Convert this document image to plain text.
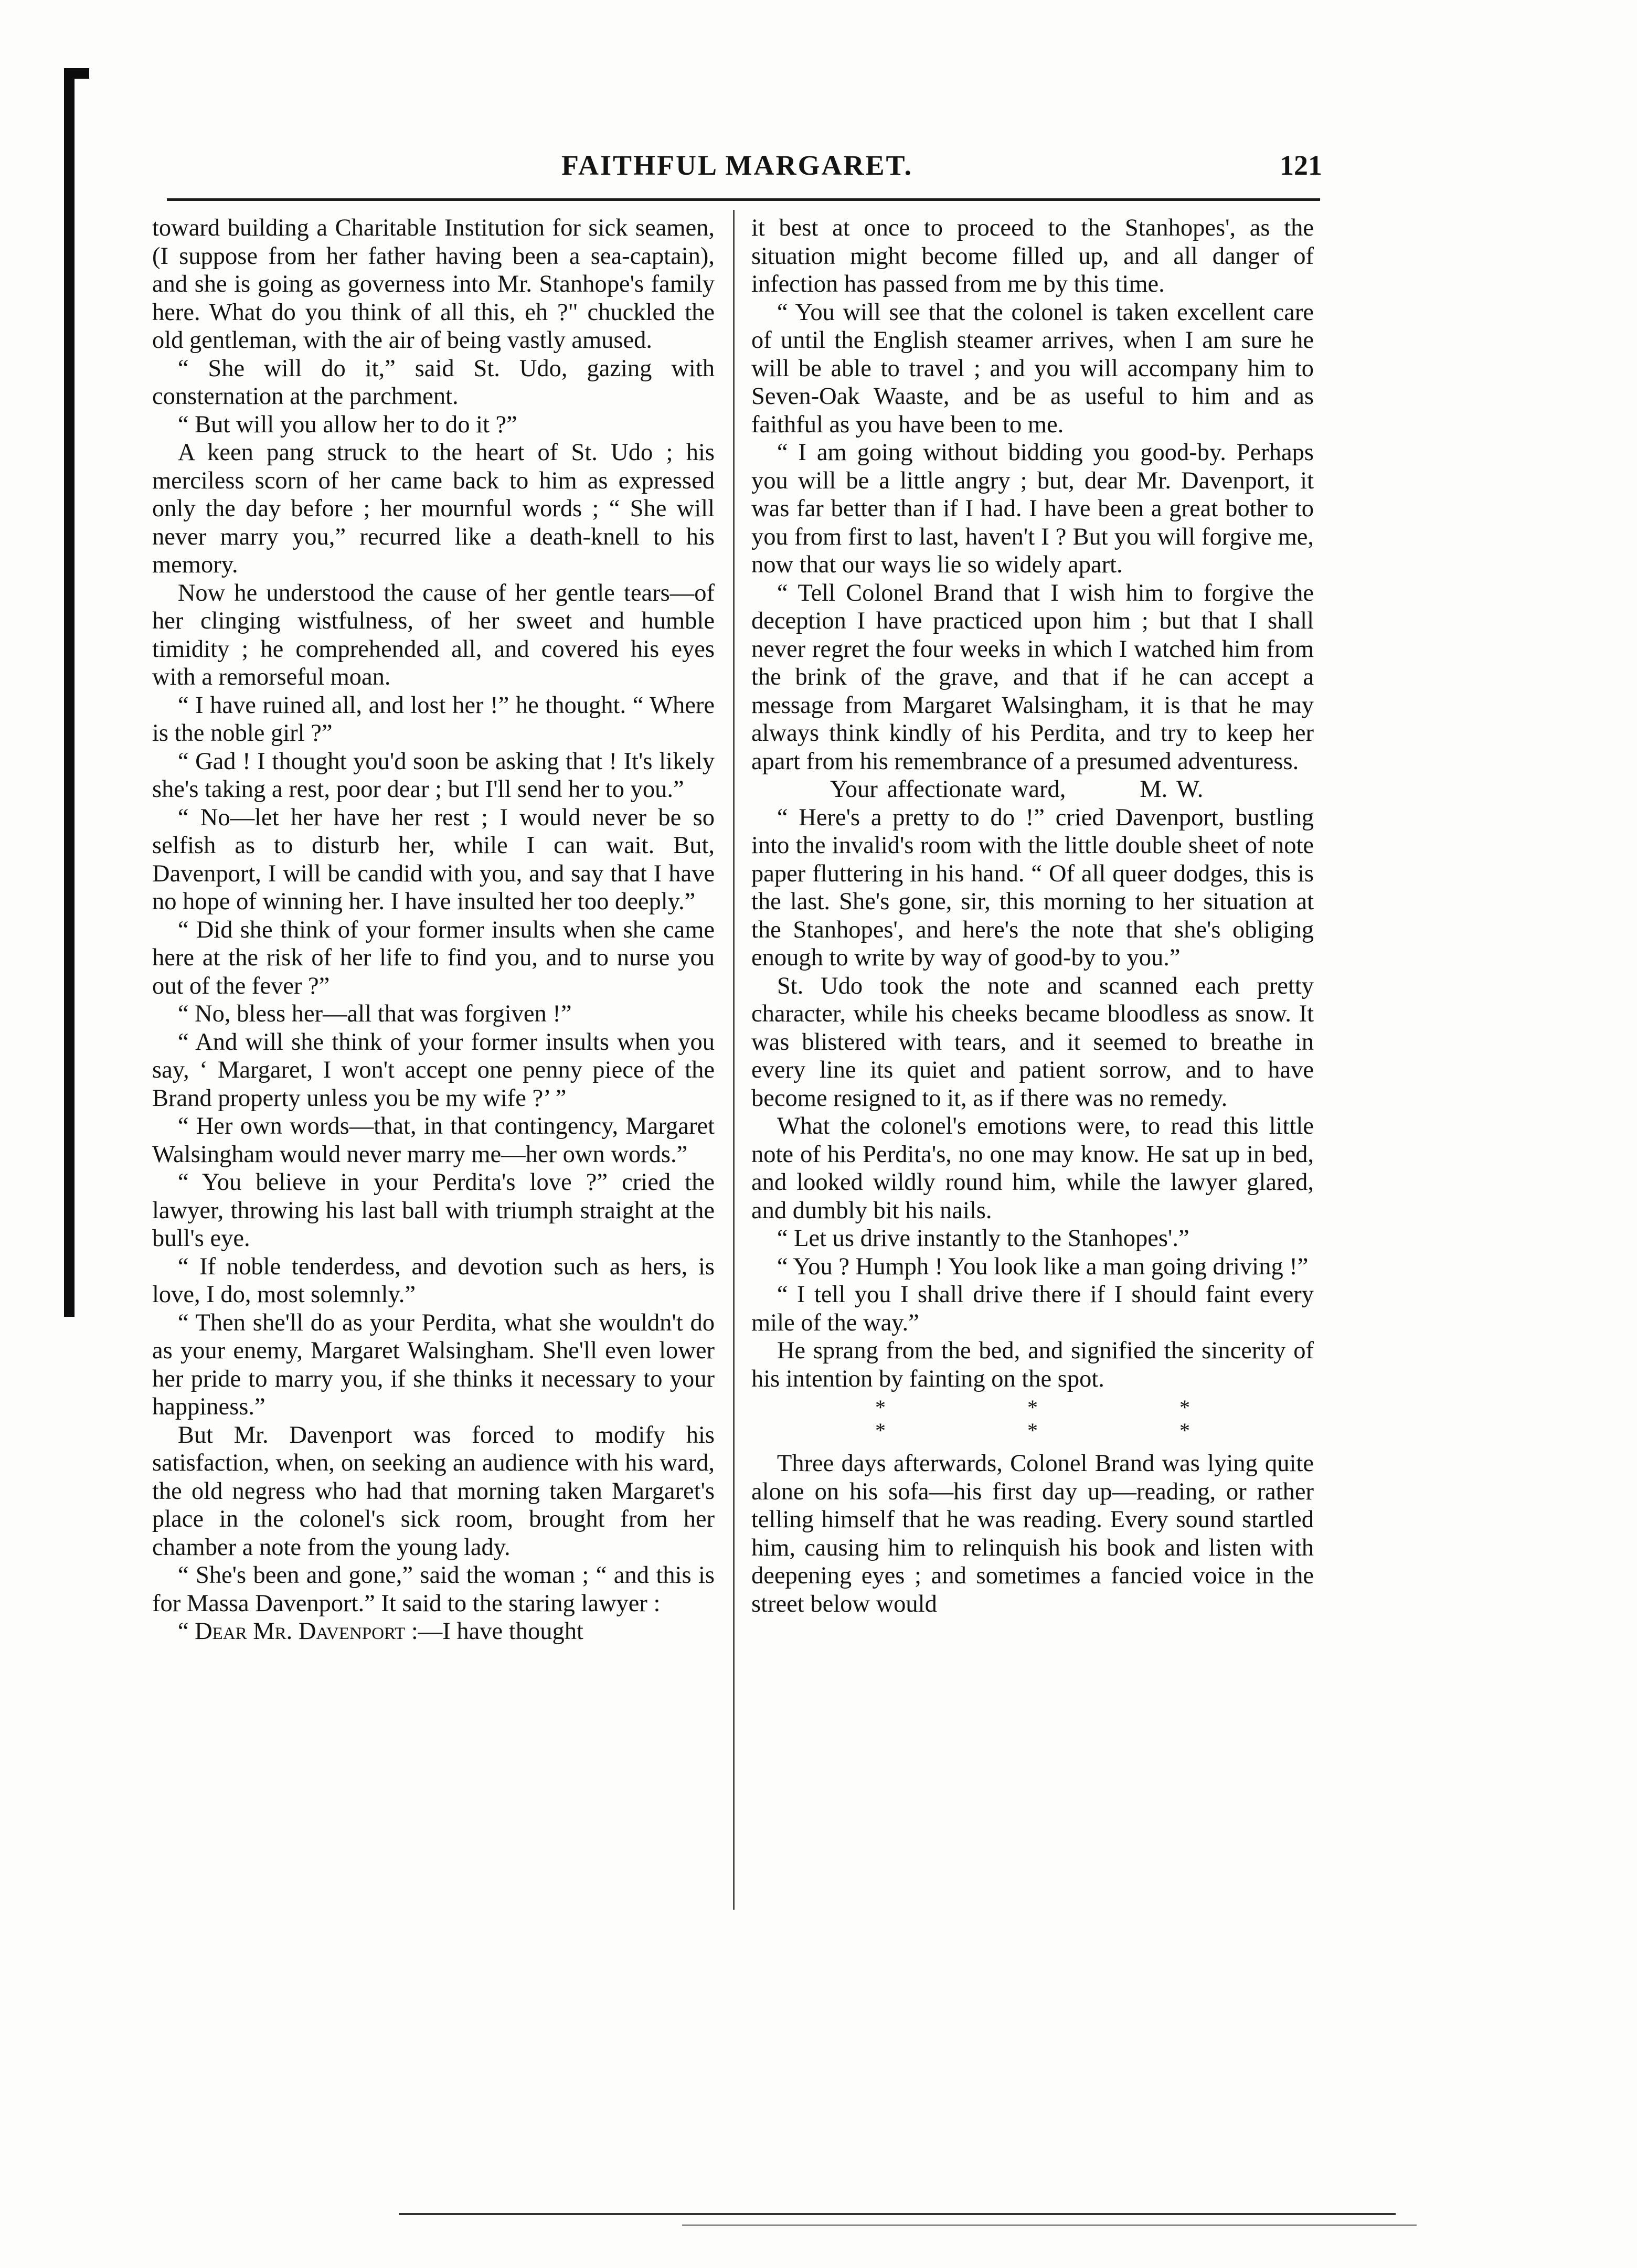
FAITHFUL MARGARET.	121

toward building a Charitable Institution for sick seamen, (I suppose from her father having been a sea-captain), and she is going as governess into Mr. Stanhope's family here. What do you think of all this, eh ?" chuckled the old gentleman, with the air of being vastly amused.

“ She will do it,” said St. Udo, gazing with consternation at the parchment.

“ But will you allow her to do it ?”

A keen pang struck to the heart of St. Udo ; his merciless scorn of her came back to him as expressed only the day before ; her mournful words ; “ She will never marry you,” recurred like a death-knell to his memory.

Now he understood the cause of her gentle tears—of her clinging wistfulness, of her sweet and humble timidity ; he comprehended all, and covered his eyes with a remorseful moan.

“ I have ruined all, and lost her !” he thought. “ Where is the noble girl ?”

“ Gad ! I thought you'd soon be asking that ! It's likely she's taking a rest, poor dear ; but I'll send her to you.”

“ No—let her have her rest ; I would never be so selfish as to disturb her, while I can wait. But, Davenport, I will be candid with you, and say that I have no hope of winning her. I have insulted her too deeply.”

“ Did she think of your former insults when she came here at the risk of her life to find you, and to nurse you out of the fever ?”

“ No, bless her—all that was forgiven !”

“ And will she think of your former insults when you say, ‘ Margaret, I won't accept one penny piece of the Brand property unless you be my wife ?’ ”

“ Her own words—that, in that contingency, Margaret Walsingham would never marry me—her own words.”

“ You believe in your Perdita's love ?” cried the lawyer, throwing his last ball with triumph straight at the bull's eye.

“ If noble tenderdess, and devotion such as hers, is love, I do, most solemnly.”

“ Then she'll do as your Perdita, what she wouldn't do as your enemy, Margaret Walsingham. She'll even lower her pride to marry you, if she thinks it necessary to your happiness.”

But Mr. Davenport was forced to modify his satisfaction, when, on seeking an audience with his ward, the old negress who had that morning taken Margaret's place in the colonel's sick room, brought from her chamber a note from the young lady.

“ She's been and gone,” said the woman ; “ and this is for Massa Davenport.” It said to the staring lawyer :

“ Dear Mr. Davenport :—I have thought

it best at once to proceed to the Stanhopes', as the situation might become filled up, and all danger of infection has passed from me by this time.

“ You will see that the colonel is taken excellent care of until the English steamer arrives, when I am sure he will be able to travel ; and you will accompany him to Seven-Oak Waaste, and be as useful to him and as faithful as you have been to me.

“ I am going without bidding you good-by. Perhaps you will be a little angry ; but, dear Mr. Davenport, it was far better than if I had. I have been a great bother to you from first to last, haven't I ? But you will forgive me, now that our ways lie so widely apart.

“ Tell Colonel Brand that I wish him to forgive the deception I have practiced upon him ; but that I shall never regret the four weeks in which I watched him from the brink of the grave, and that if he can accept a message from Margaret Walsingham, it is that he may always think kindly of his Perdita, and try to keep her apart from his remembrance of a presumed adventuress.

Your affectionate ward,	M. W.

“ Here's a pretty to do !” cried Davenport, bustling into the invalid's room with the little double sheet of note paper fluttering in his hand. “ Of all queer dodges, this is the last. She's gone, sir, this morning to her situation at the Stanhopes', and here's the note that she's obliging enough to write by way of good-by to you.”

St. Udo took the note and scanned each pretty character, while his cheeks became bloodless as snow. It was blistered with tears, and it seemed to breathe in every line its quiet and patient sorrow, and to have become resigned to it, as if there was no remedy.

What the colonel's emotions were, to read this little note of his Perdita's, no one may know. He sat up in bed, and looked wildly round him, while the lawyer glared, and dumbly bit his nails.

“ Let us drive instantly to the Stanhopes'.”

“ You ? Humph ! You look like a man going driving !”

“ I tell you I shall drive there if I should faint every mile of the way.”

He sprang from the bed, and signified the sincerity of his intention by fainting on the spot.

* * * * * *

Three days afterwards, Colonel Brand was lying quite alone on his sofa—his first day up—reading, or rather telling himself that he was reading. Every sound startled him, causing him to relinquish his book and listen with deepening eyes ; and sometimes a fancied voice in the street below would
